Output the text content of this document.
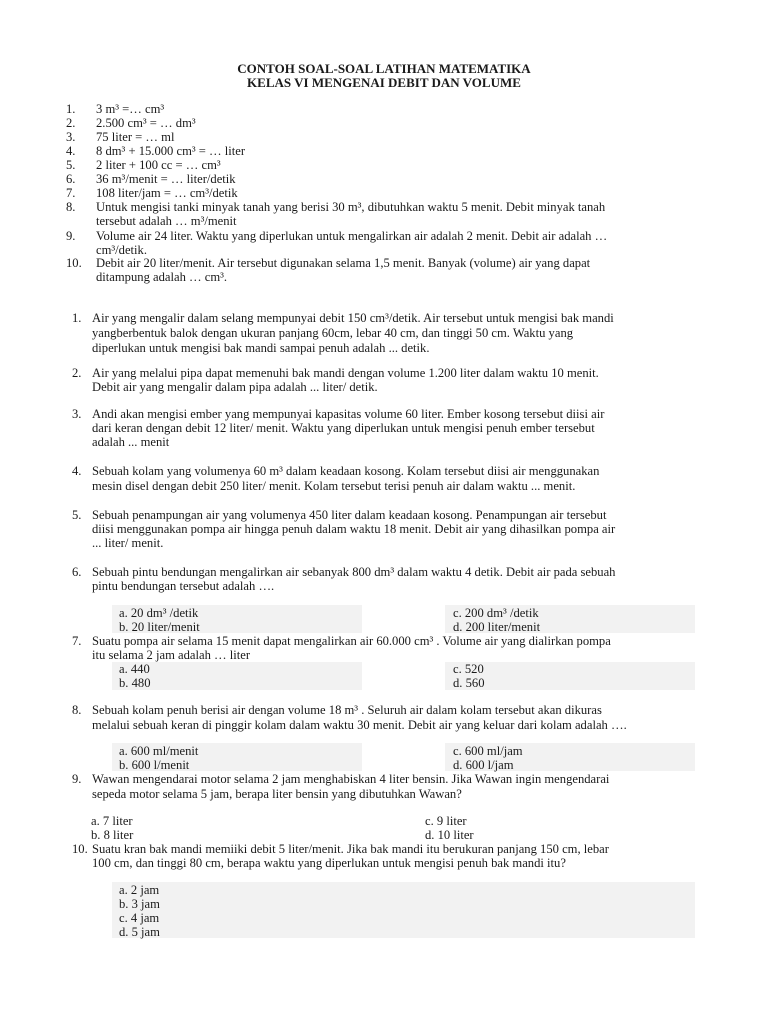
CONTOH SOAL-SOAL LATIHAN MATEMATIKA
KELAS VI MENGENAI DEBIT DAN VOLUME
1.	3 m³ =… cm³
2.	2.500 cm³ = … dm³
3.	75 liter = … ml
4.	8 dm³ + 15.000 cm³ = … liter
5.	2 liter + 100 cc = … cm³
6.	36 m³/menit = … liter/detik
7.	108 liter/jam = … cm³/detik
8.	Untuk mengisi tanki minyak tanah yang berisi 30 m³, dibutuhkan waktu 5 menit. Debit minyak tanah
tersebut adalah … m³/menit
9.	Volume air 24 liter. Waktu yang diperlukan untuk mengalirkan air adalah 2 menit. Debit air adalah …
cm³/detik.
10.	Debit air 20 liter/menit. Air tersebut digunakan selama 1,5 menit. Banyak (volume) air yang dapat
ditampung adalah … cm³.
1. Air yang mengalir dalam selang mempunyai debit 150 cm³/detik. Air tersebut untuk mengisi bak mandi
yangberbentuk balok dengan ukuran panjang 60cm, lebar 40 cm, dan tinggi 50 cm. Waktu yang
diperlukan untuk mengisi bak mandi sampai penuh adalah ... detik.
2. Air yang melalui pipa dapat memenuhi bak mandi dengan volume 1.200 liter dalam waktu 10 menit.
Debit air yang mengalir dalam pipa adalah ... liter/ detik.
3. Andi akan mengisi ember yang mempunyai kapasitas volume 60 liter. Ember kosong tersebut diisi air
dari keran dengan debit 12 liter/ menit. Waktu yang diperlukan untuk mengisi penuh ember tersebut
adalah ... menit
4. Sebuah kolam yang volumenya 60 m³ dalam keadaan kosong. Kolam tersebut diisi air menggunakan
mesin disel dengan debit 250 liter/ menit. Kolam tersebut terisi penuh air dalam waktu ... menit.
5. Sebuah penampungan air yang volumenya 450 liter dalam keadaan kosong. Penampungan air tersebut
diisi menggunakan pompa air hingga penuh dalam waktu 18 menit. Debit air yang dihasilkan pompa air
... liter/ menit.
6. Sebuah pintu bendungan mengalirkan air sebanyak 800 dm³ dalam waktu 4 detik. Debit air pada sebuah
pintu bendungan tersebut adalah ….
a. 20 dm³ /detik	c. 200 dm³ /detik
b. 20 liter/menit	d. 200 liter/menit
7. Suatu pompa air selama 15 menit dapat mengalirkan air 60.000 cm³ . Volume air yang dialirkan pompa
itu selama 2 jam adalah … liter
a. 440	c. 520
b. 480	d. 560
8. Sebuah kolam penuh berisi air dengan volume 18 m³ . Seluruh air dalam kolam tersebut akan dikuras
melalui sebuah keran di pinggir kolam dalam waktu 30 menit. Debit air yang keluar dari kolam adalah ….
a. 600 ml/menit	c. 600 ml/jam
b. 600 l/menit	d. 600 l/jam
9. Wawan mengendarai motor selama 2 jam menghabiskan 4 liter bensin. Jika Wawan ingin mengendarai
sepeda motor selama 5 jam, berapa liter bensin yang dibutuhkan Wawan?
a. 7 liter	c. 9 liter
b. 8 liter	d. 10 liter
10. Suatu kran bak mandi memiiki debit 5 liter/menit. Jika bak mandi itu berukuran panjang 150 cm, lebar
100 cm, dan tinggi 80 cm, berapa waktu yang diperlukan untuk mengisi penuh bak mandi itu?
a. 2 jam
b. 3 jam
c. 4 jam
d. 5 jam
